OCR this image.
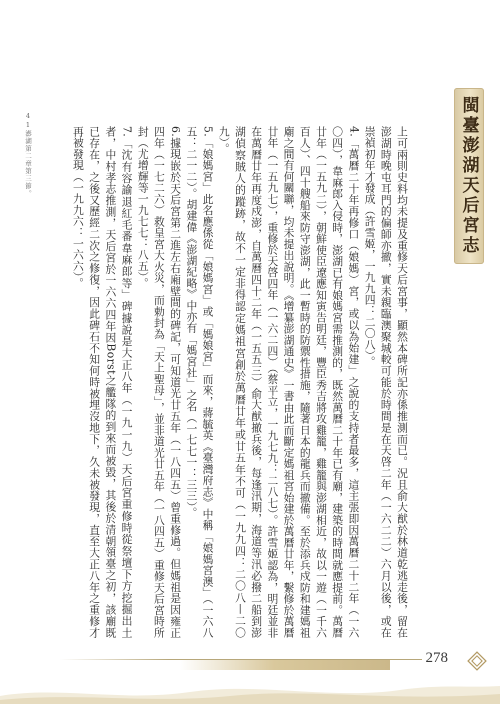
閩臺澎湖天后宮志
41澎湖第二章第三節。	上可兩則史料均未提及重修天后宮事，顯然本碑所記亦係推測而已。況且俞大猷於林道乾逃走後，留在澎湖時晚屯耳門的偏師亦撤，實未親臨澳聚城較可能於時間是在天啓二年（一六二二）六月以後，或在崇禎初年才發成（許雪姬，一九九四：二〇八）。

4.「萬曆二十年再修口（娘媽）宮，或以為始建」之說的支持者最多，這主張即因萬曆二十二年（一六〇四），韋麻郎入侵時，澎湖已有娘媽宮需推測的，既然萬曆二十年已有廟，建築的時間就應提前。萬曆廿年（一五九二），朝鮮使臣遼應知寅告明廷，豐臣秀吉將攻雞籠，雞籠與澎湖相近，故以一遊（一千六百人）、四十艘船來防守澎湖，此一暫時的防禦性措施，隨著日本的龍兵而撤備。至於添兵戍防和建媽祖廟之間有何關聯，均未提出說明。《增纂澎湖通史》一書由此而斷定媽祖宮始建於萬曆廿年，繫修於萬曆廿年（一五九七），重修於天啓四年（一六二四）（蔡平立，一九七九：二八七）。許雪姬認為，明廷並非在萬曆廿年再度戍澎，自萬曆四十二年（一五五三）俞大猷撤兵後，每逢汛期，海道等汛必撥二船到澎湖偵察賊人的蹤跡，故不一定非得認定媽祖宮創於萬曆廿年或廿五年不可（一九九四：二〇八—二〇九）。

5.「娘媽宮」此名應係從「娘媽宮」或「媽娘宮」而來，蔣毓英《臺灣府志》中稱「娘媽宮澳」（一六八五：二一二）。胡建偉《澎湖紀略》中亦有「媽宮社」之名（一七七一：三三）。

6.據現嵌於天后宮第二進左右廂壁間的碑記，可知道光廿五年（一八四五）曾重修過。但媽祖是因雍正四年（一七二六）救皇宮大火災，而勅封為「天上聖母」，並非道光廿五年（一八四五）重修天后宮時所封（尤增輝等一九七七：八五）。

7.「沈有容諭退紅毛番韋麻郎等」碑據說是大正八年（一九一九）天后宮重修時從祭壇下方挖掘出土者，中村孝志推測，天后宮於一六六四年因Borst之艦隊的到來而被毀，其後於清朝領臺之初，該廟既已存在，之後又歷經二次之修復，因此碑石不知何時被埋沒地下，久未被發現，直至大正八年之重修才再被發現（一九九六：一六六）。

278
